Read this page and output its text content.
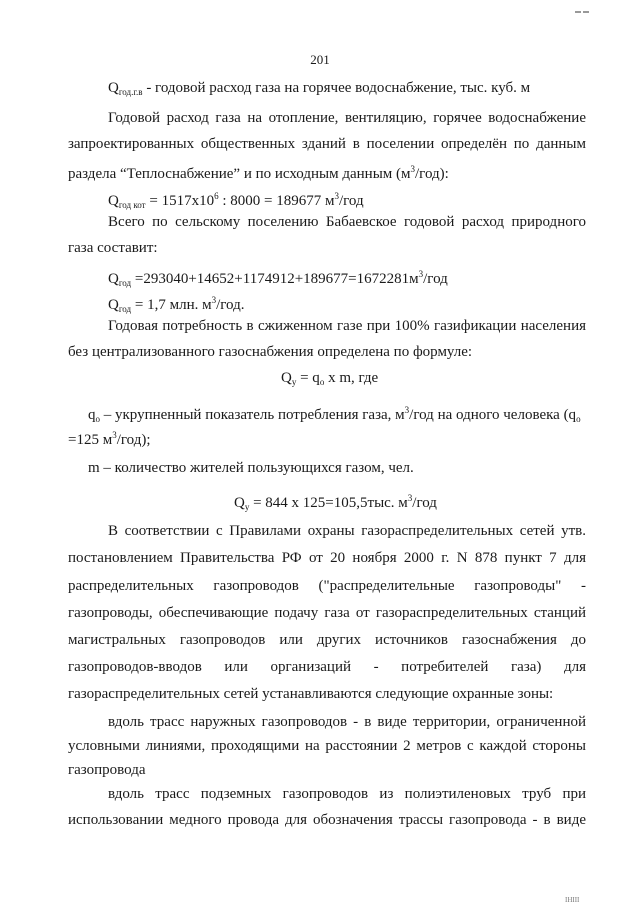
201
$Q_{год.г.в}$ - годовой расход газа на горячее водоснабжение, тыс. куб. м
Годовой расход газа на отопление, вентиляцию, горячее водоснабжение
запроектированных общественных зданий в поселении определён по данным
раздела “Теплоснабжение” и по исходным данным $(м^3/год)$:
$Q_{год кот} = 1517x10^6$ : 8000 = 189677 $м^3$/год
Всего по сельскому поселению Бабаевское годовой расход природного
газа составит:
$Q_{год} =293040+14652+1174912+189677=1672281м^3/год$
$Q_{год} = 1,7$ млн. $м^3$/год.
Годовая потребность в сжиженном газе при 100% газификации населения
без централизованного газоснабжения определена по формуле:
$Q_у = q_o$ x m, где
$q_o$ – укрупненный показатель потребления газа, $м^3$/год на одного человека ($q_o$
=125 $м^3/год$);
m – количество жителей пользующихся газом, чел.
$Q_у = 844$ x 125=105,5тыс. $м^3$/год
В соответствии с Правилами охраны газораспределительных сетей утв.
постановлением Правительства РФ от 20 ноября 2000 г. N 878 пункт 7 для
распределительных газопроводов ("распределительные газопроводы" -
газопроводы, обеспечивающие подачу газа от газораспределительных станций
магистральных газопроводов или других источников газоснабжения до
газопроводов-вводов или организаций - потребителей газа) для
газораспределительных сетей устанавливаются следующие охранные зоны:
вдоль трасс наружных газопроводов - в виде территории, ограниченной
условными линиями, проходящими на расстоянии 2 метров с каждой стороны
газопровода
вдоль трасс подземных газопроводов из полиэтиленовых труб при
использовании медного провода для обозначения трассы газопровода - в виде
IHIII
